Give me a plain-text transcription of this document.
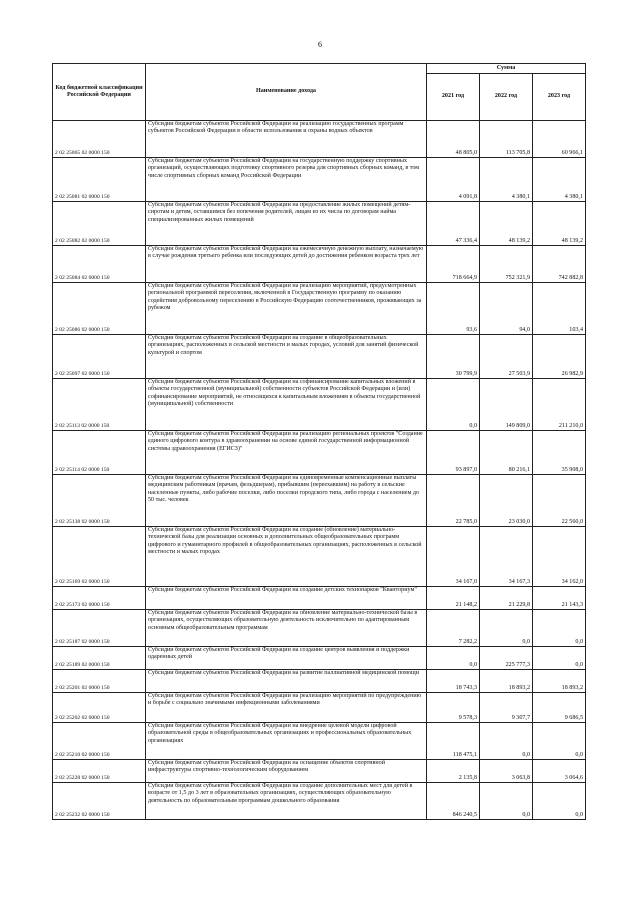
6
Код бюджетной классификации Российской Федерации	Наименование дохода	Сумма		
		2021 год	2022 год	2023 год
2 02 25065 02 0000 150	Субсидии бюджетам субъектов Российской Федерации на реализацию государственных программ субъектов Российской Федерации в области использования и охраны водных объектов	48 805,0	113 705,8	60 966,1
2 02 25081 02 0000 150	Субсидии бюджетам субъектов Российской Федерации на государственную поддержку спортивных организаций, осуществляющих подготовку спортивного резерва для спортивных сборных команд, в том числе спортивных сборных команд Российской Федерации	4 091,8	4 380,1	4 380,1
2 02 25082 02 0000 150	Субсидии бюджетам субъектов Российской Федерации на предоставление жилых помещений детям-сиротам и детям, оставшимся без попечения родителей, лицам из их числа по договорам найма специализированных жилых помещений	47 336,4	48 139,2	48 139,2
2 02 25084 02 0000 150	Субсидии бюджетам субъектов Российской Федерации на ежемесячную денежную выплату, назначаемую в случае рождения третьего ребенка или последующих детей до достижения ребенком возраста трех лет	718 664,9	752 321,9	742 882,8
2 02 25086 02 0000 150	Субсидии бюджетам субъектов Российской Федерации на реализацию мероприятий, предусмотренных региональной программой переселения, включенной в Государственную программу по оказанию содействия добровольному переселению в Российскую Федерацию соотечественников, проживающих за рубежом	93,6	94,0	103,4
2 02 25097 02 0000 150	Субсидии бюджетам субъектов Российской Федерации на создание в общеобразовательных организациях, расположенных в сельской местности и малых городах, условий для занятий физической культурой и спортом	30 799,9	27 503,9	26 982,9
2 02 25113 02 0000 150	Субсидии бюджетам субъектов Российской Федерации на софинансирование капитальных вложений в объекты государственной (муниципальной) собственности субъектов Российской Федерации и (или) софинансирование мероприятий, не относящихся к капитальным вложениям в объекты государственной (муниципальной) собственности	0,0	149 809,0	211 210,0
2 02 25114 02 0000 150	Субсидии бюджетам субъектов Российской Федерации на реализацию региональных проектов "Создание единого цифрового контура в здравоохранении на основе единой государственной информационной системы здравоохранения (ЕГИСЗ)"	93 897,0	80 216,1	35 908,0
2 02 25138 02 0000 150	Субсидии бюджетам субъектов Российской Федерации на единовременные компенсационные выплаты медицинским работникам (врачам, фельдшерам), прибывшим (переехавшим) на работу в сельские населенные пункты, либо рабочие поселки, либо поселки городского типа, либо города с населением до 50 тыс. человек	22 785,0	23 030,0	22 560,0
2 02 25169 02 0000 150	Субсидии бюджетам субъектов Российской Федерации на создание (обновление) материально-технической базы для реализации основных и дополнительных общеобразовательных программ цифрового и гуманитарного профилей в общеобразовательных организациях, расположенных в сельской местности и малых городах	34 167,0	34 167,3	34 162,0
2 02 25173 02 0000 150	Субсидии бюджетам субъектов Российской Федерации на создание детских технопарков "Кванториум"	21 148,2	21 229,8	21 143,3
2 02 25187 02 0000 150	Субсидии бюджетам субъектов Российской Федерации на обновление материально-технической базы в организациях, осуществляющих образовательную деятельность исключительно по адаптированным основным общеобразовательным программам	7 282,2	0,0	0,0
2 02 25189 02 0000 150	Субсидии бюджетам субъектов Российской Федерации на создание центров выявления и поддержки одаренных детей	0,0	225 777,3	0,0
2 02 25201 02 0000 150	Субсидии бюджетам субъектов Российской Федерации на развитие паллиативной медицинской помощи	18 743,3	18 893,2	18 893,2
2 02 25202 02 0000 150	Субсидии бюджетам субъектов Российской Федерации на реализацию мероприятий по предупреждению и борьбе с социально значимыми инфекционными заболеваниями	9 578,3	9 307,7	9 686,5
2 02 25210 02 0000 150	Субсидии бюджетам субъектов Российской Федерации на внедрение целевой модели цифровой образовательной среды в общеобразовательных организациях и профессиональных образовательных организациях	118 475,1	0,0	0,0
2 02 25228 02 0000 150	Субсидии бюджетам субъектов Российской Федерации на оснащение объектов спортивной инфраструктуры спортивно-технологическим оборудованием	2 135,8	3 063,8	3 064,6
2 02 25232 02 0000 150	Субсидии бюджетам субъектов Российской Федерации на создание дополнительных мест для детей в возрасте от 1,5 до 3 лет в образовательных организациях, осуществляющих образовательную деятельность по образовательным программам дошкольного образования	846 240,5	0,0	0,0
